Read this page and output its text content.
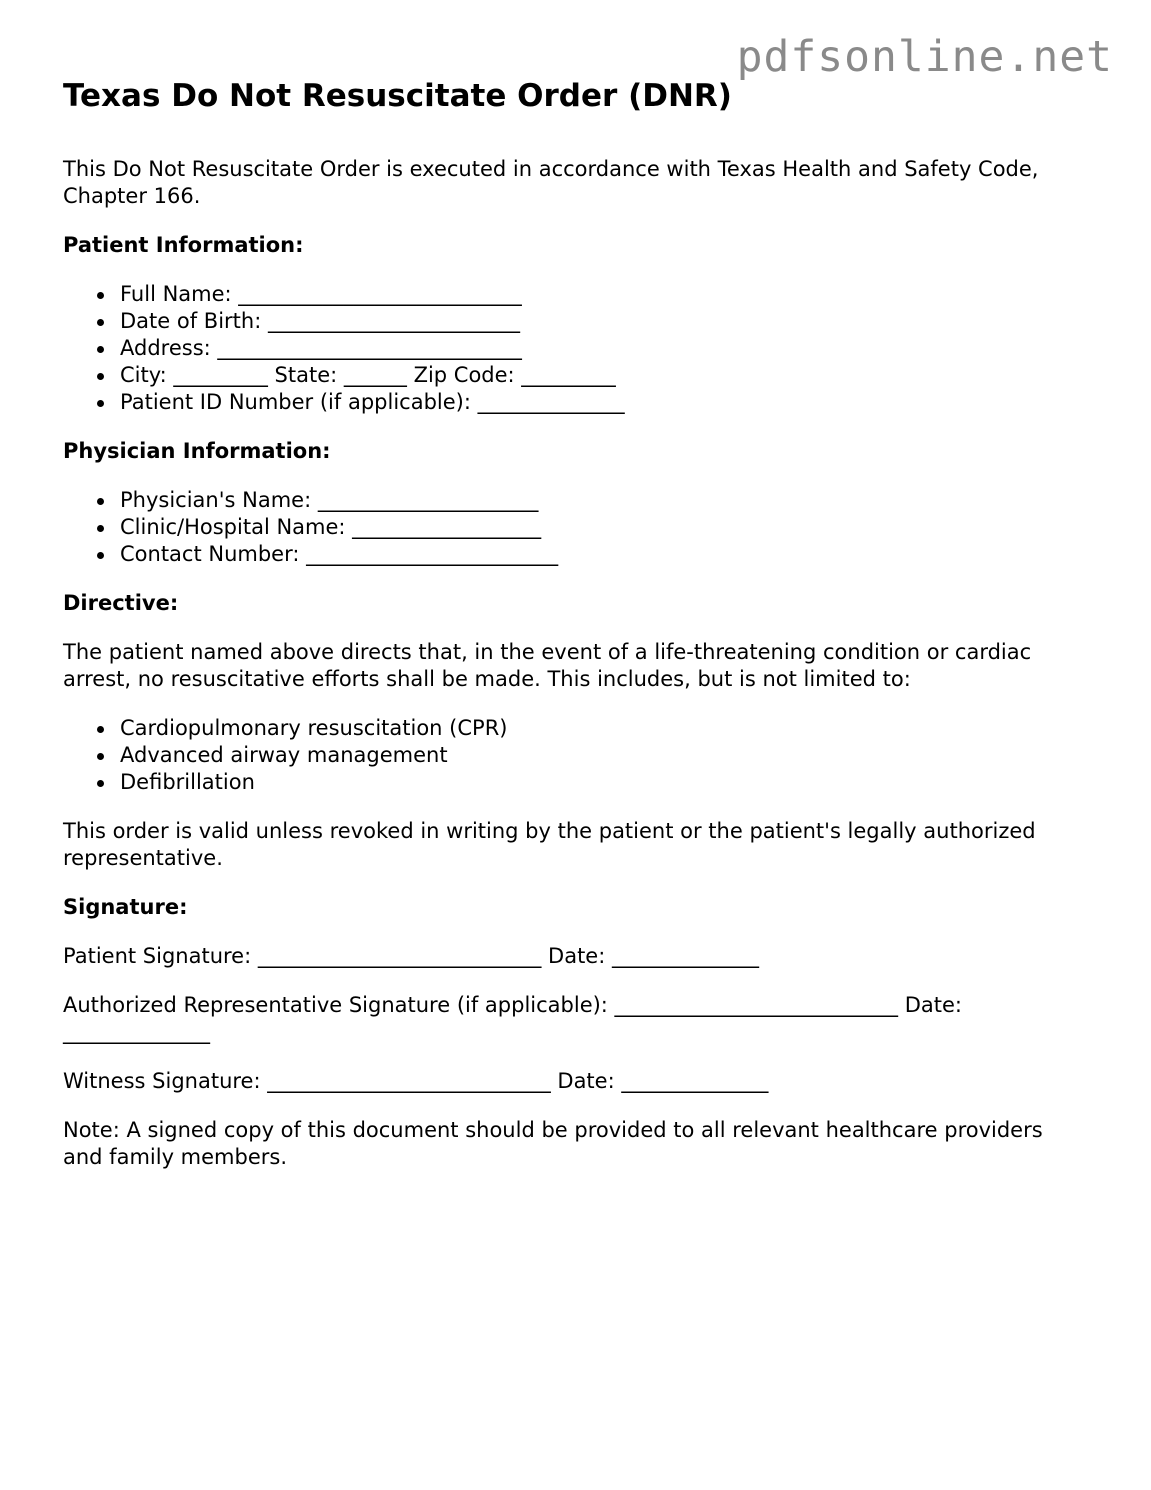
pdfsonline.net
Texas Do Not Resuscitate Order (DNR)

This Do Not Resuscitate Order is executed in accordance with Texas Health and Safety Code, Chapter 166.

Patient Information:

Full Name: ___________________________
Date of Birth: ________________________
Address: _____________________________
City: _________ State: ______ Zip Code: _________
Patient ID Number (if applicable): ______________

Physician Information:

Physician's Name: _____________________
Clinic/Hospital Name: __________________
Contact Number: ________________________

Directive:

The patient named above directs that, in the event of a life-threatening condition or cardiac arrest, no resuscitative efforts shall be made. This includes, but is not limited to:

Cardiopulmonary resuscitation (CPR)
Advanced airway management
Defibrillation

This order is valid unless revoked in writing by the patient or the patient's legally authorized representative.

Signature:

Patient Signature: ___________________________ Date: ______________

Authorized Representative Signature (if applicable): ___________________________ Date: ______________

Witness Signature: ___________________________ Date: ______________

Note: A signed copy of this document should be provided to all relevant healthcare providers and family members.
